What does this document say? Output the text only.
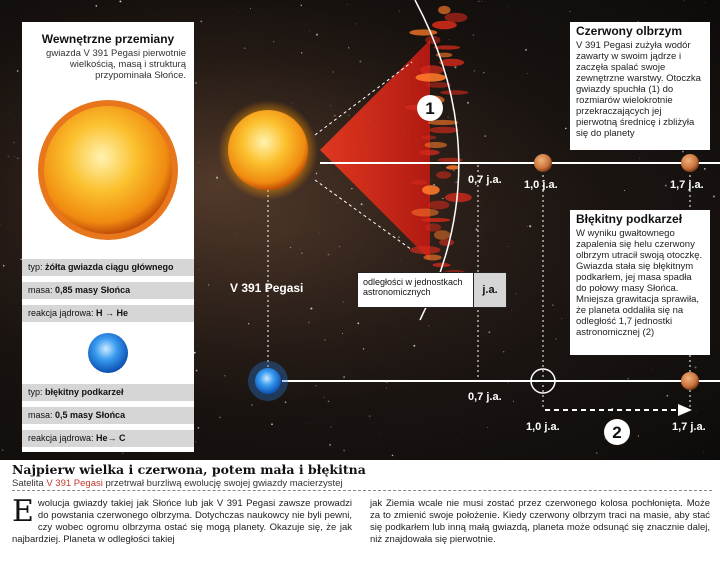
1
2
0,7 j.a. 1,0 j.a.	1,7 j.a.
0,7 j.a.
1,0 j.a.	1,7 j.a.
V 391 Pegasi
Wewnętrzne przemiany
gwiazda V 391 Pegasi pierwotnie wielkością, masą i strukturą przypominała Słońce.
typ: żółta gwiazda ciągu głównego
masa: 0,85 masy Słońca
reakcja jądrowa: H → He
typ: błękitny podkarzeł
masa: 0,5 masy Słońca
reakcja jądrowa: He→ C
Czerwony olbrzym
V 391 Pegasi zużyła wodór zawarty w swoim jądrze i zaczęła spalać swoje zewnętrzne warstwy. Otoczka gwiazdy spuchła (1) do rozmiarów wielokrotnie przekraczających jej pierwotną średnicę i zbliżyła się do planety
Błękitny podkarzeł
W wyniku gwałtownego zapalenia się helu czerwony olbrzym utracił swoją otoczkę. Gwiazda stała się błękitnym podkarłem, jej masa spadła do połowy masy Słońca. Mniejsza grawitacja sprawiła, że planeta oddaliła się na odległość 1,7 jednostki astronomicznej (2)
odległości w jednostkach astronomicznych	j.a.
Najpierw wielka i czerwona, potem mała i błękitna
Satelita V 391 Pegasi przetrwał burzliwą ewolucję swojej gwiazdy macierzystej
Ewolucja gwiazdy takiej jak Słońce lub jak V 391 Pegasi zawsze prowadzi do powstania czerwonego olbrzyma. Dotychczas naukowcy nie byli pewni, czy wobec ogromu olbrzyma ostać się mogą planety. Okazuje się, że jak najbardziej. Planeta w odległości takiej
jak Ziemia wcale nie musi zostać przez czerwonego kolosa pochłonięta. Może za to zmienić swoje położenie. Kiedy czerwony olbrzym traci na masie, aby stać się podkarłem lub inną małą gwiazdą, planeta może odsunąć się znacznie dalej, niż znajdowała się pierwotnie.
